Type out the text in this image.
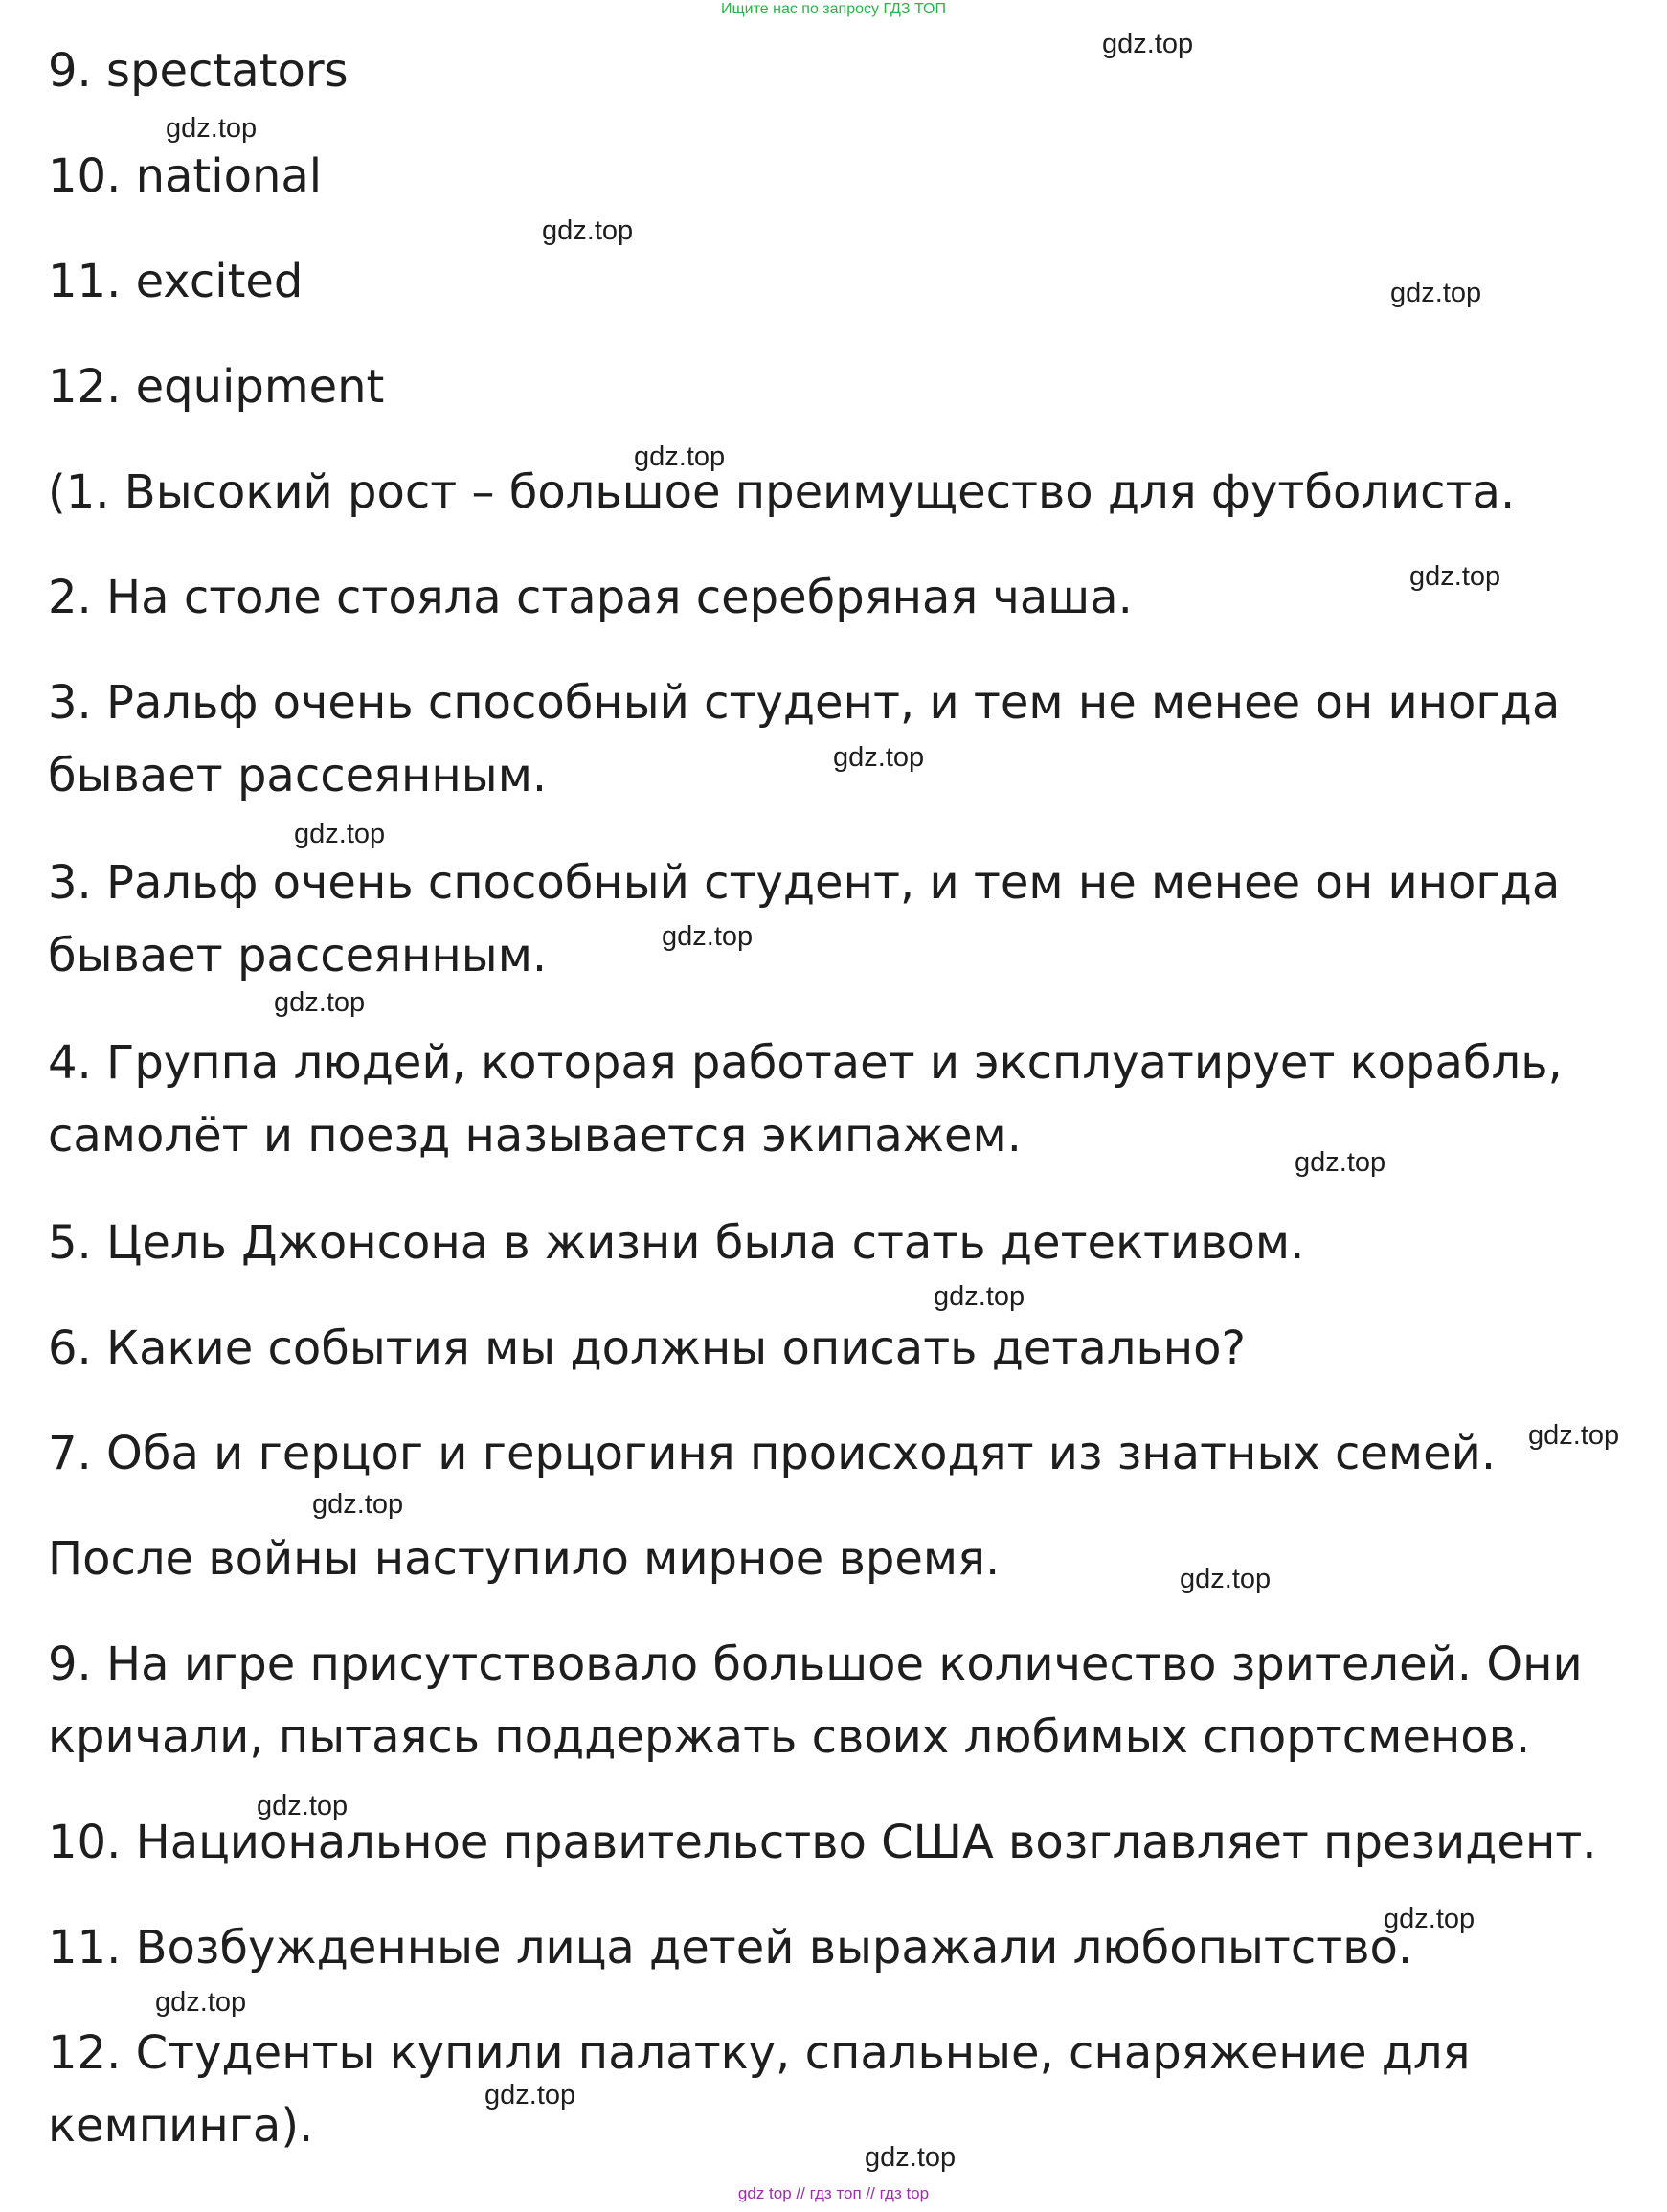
Ищите нас по запросу ГДЗ ТОП

9. spectators

10. national

11. excited

12. equipment

(1. Высокий рост – большое преимущество для футболиста.

2. На столе стояла старая серебряная чаша.

3. Ральф очень способный студент, и тем не менее он иногда

бывает рассеянным.

3. Ральф очень способный студент, и тем не менее он иногда

бывает рассеянным.

4. Группа людей, которая работает и эксплуатирует корабль,

самолёт и поезд называется экипажем.

5. Цель Джонсона в жизни была стать детективом.

6. Какие события мы должны описать детально?

7. Оба и герцог и герцогиня происходят из знатных семей.

После войны наступило мирное время.

9. На игре присутствовало большое количество зрителей. Они

кричали, пытаясь поддержать своих любимых спортсменов.

10. Национальное правительство США возглавляет президент.

11. Возбужденные лица детей выражали любопытство.

12. Студенты купили палатку, спальные, снаряжение для

кемпинга).

gdz.top
gdz.top
gdz.top
gdz.top
gdz.top
gdz.top
gdz.top
gdz.top
gdz.top
gdz.top
gdz.top
gdz.top
gdz.top
gdz.top
gdz.top
gdz.top
gdz.top
gdz.top
gdz.top
gdz.top
gdz top // гдз топ // гдз top
